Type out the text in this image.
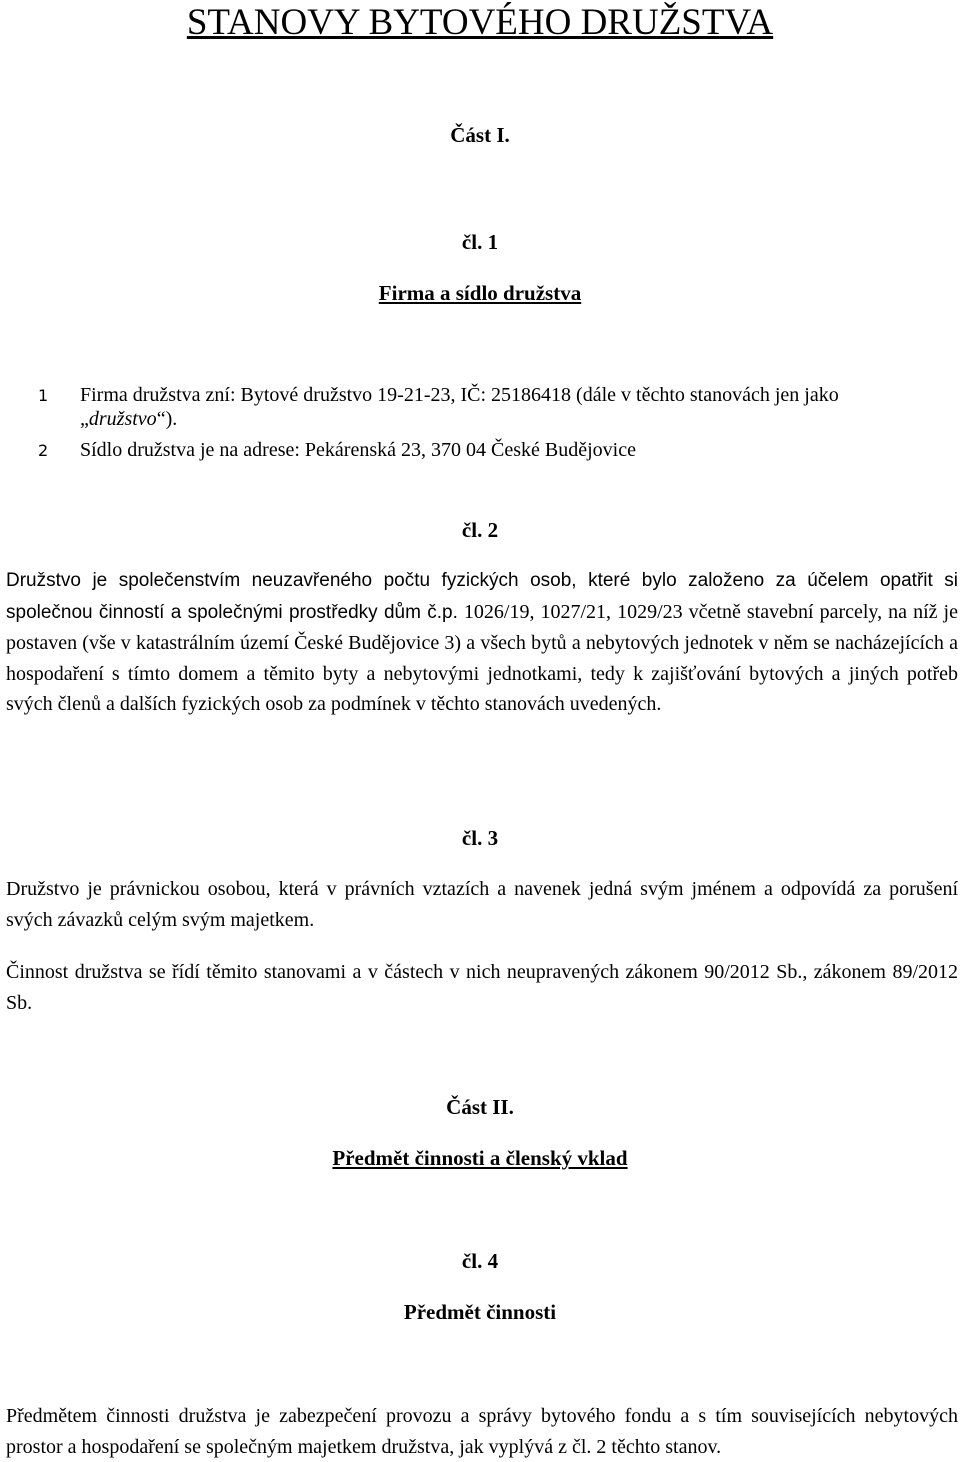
STANOVY BYTOVÉHO DRUŽSTVA
Část I.
čl. 1
Firma a sídlo družstva
1	Firma družstva zní: Bytové družstvo 19-21-23, IČ: 25186418 (dále v těchto stanovách jen jako
„družstvo“).
2	Sídlo družstva je na adrese: Pekárenská 23, 370 04 České Budějovice
čl. 2

Družstvo je společenstvím neuzavřeného počtu fyzických osob, které bylo založeno za účelem opatřit si společnou činností a společnými prostředky dům č.p. 1026/19, 1027/21, 1029/23 včetně stavební parcely, na níž je postaven (vše v katastrálním území České Budějovice 3) a všech bytů a nebytových jednotek v něm se nacházejících a hospodaření s tímto domem a těmito byty a nebytovými jednotkami, tedy k zajišťování bytových a jiných potřeb svých členů a dalších fyzických osob za podmínek v těchto stanovách uvedených.

čl. 3

Družstvo je právnickou osobou, která v právních vztazích a navenek jedná svým jménem a odpovídá za porušení svých závazků celým svým majetkem.

Činnost družstva se řídí těmito stanovami a v částech v nich neupravených zákonem 90/2012 Sb., zákonem 89/2012 Sb.

Část II.
Předmět činnosti a členský vklad
čl. 4
Předmět činnosti

Předmětem činnosti družstva je zabezpečení provozu a správy bytového fondu a s tím souvisejících nebytových prostor a hospodaření se společným majetkem družstva, jak vyplývá z čl. 2 těchto stanov.
